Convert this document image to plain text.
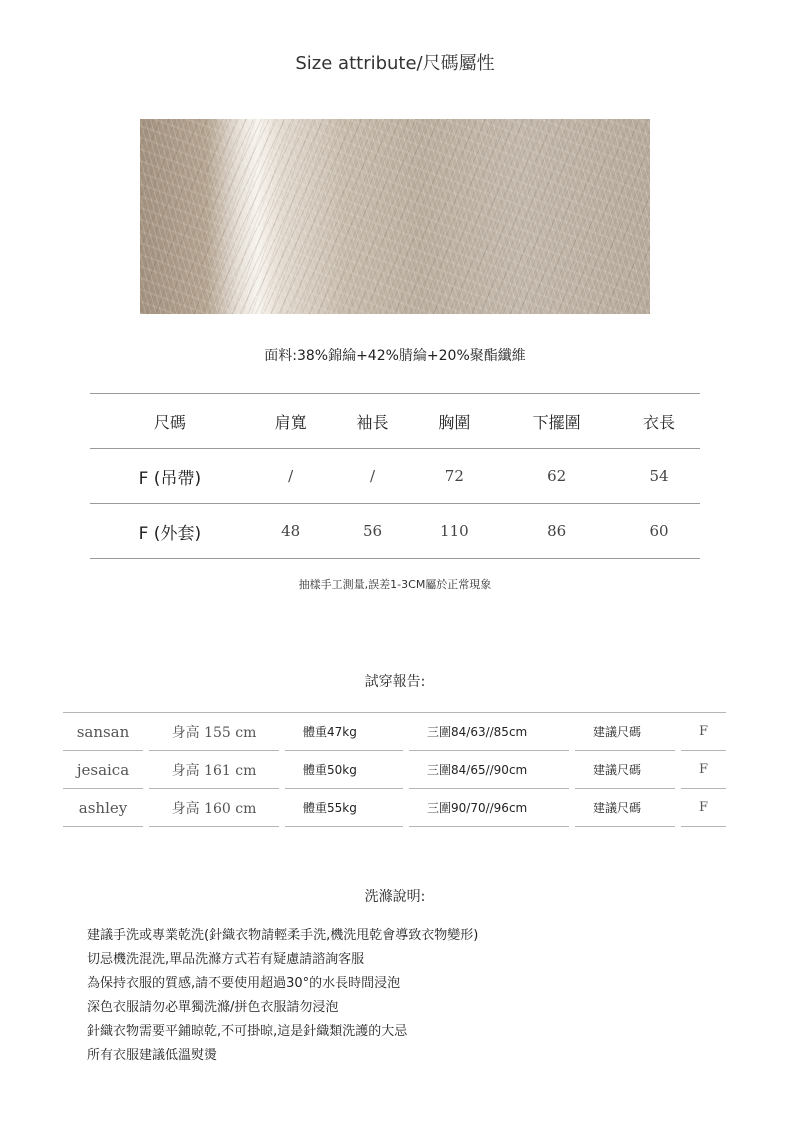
Size attribute/尺碼屬性
面料:38%錦綸+42%腈綸+20%聚酯纖維
尺碼	肩寬	袖長	胸圍	下擺圍	衣長
F (吊帶)	/	/	72	62	54
F (外套)	48	56	110	86	60
抽樣手工測量,誤差1-3CM屬於正常現象
試穿報告:
sansan		身高 155 cm		體重47kg		三圍84/63//85cm		建議尺碼		F
jesaica		身高 161 cm		體重50kg		三圍84/65//90cm		建議尺碼		F
ashley		身高 160 cm		體重55kg		三圍90/70//96cm		建議尺碼		F
洗滌說明:
建議手洗或專業乾洗(針織衣物請輕柔手洗,機洗甩乾會導致衣物變形)
切忌機洗混洗,單品洗滌方式若有疑慮請諮詢客服
為保持衣服的質感,請不要使用超過30°的水長時間浸泡
深色衣服請勿必單獨洗滌/拼色衣服請勿浸泡
針織衣物需要平鋪晾乾,不可掛晾,這是針織類洗護的大忌
所有衣服建議低溫熨燙
